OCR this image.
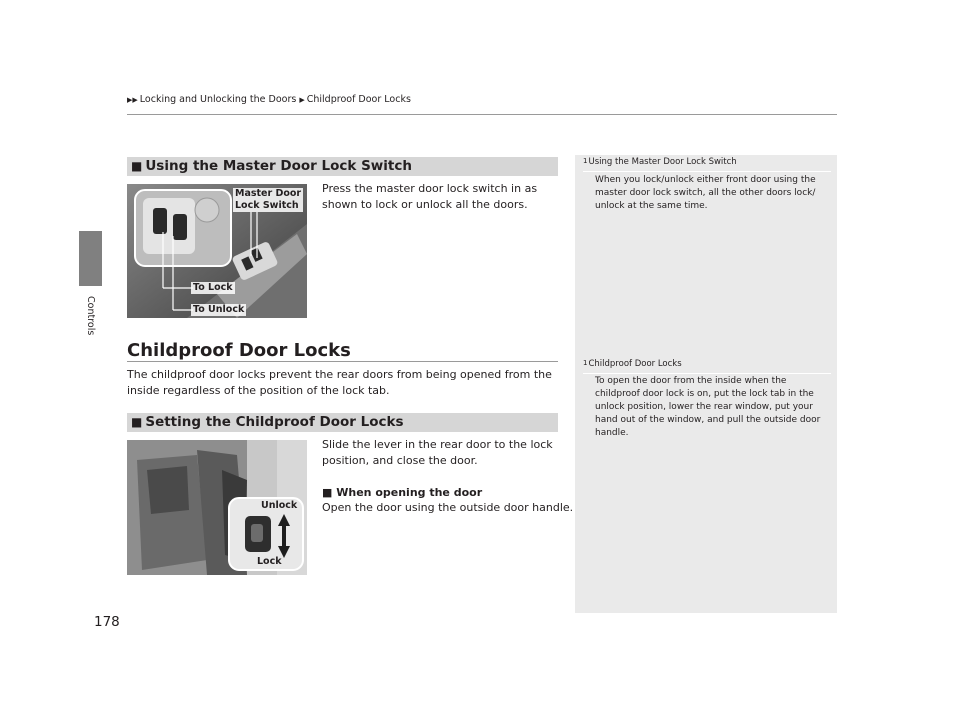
▶▶ Locking and Unlocking the Doors ▶ Childproof Door Locks
Controls
178
■ Using the Master Door Lock Switch
Master Door
Lock Switch
To Lock
To Unlock
Press the master door lock switch in as shown to lock or unlock all the doors.
Childproof Door Locks
The childproof door locks prevent the rear doors from being opened from the inside regardless of the position of the lock tab.
■ Setting the Childproof Door Locks
Unlock
Lock
Slide the lever in the rear door to the lock position, and close the door.
■ When opening the door
Open the door using the outside door handle.
$^1$Using the Master Door Lock Switch
When you lock/unlock either front door using the master door lock switch, all the other doors lock/ unlock at the same time.
$^1$Childproof Door Locks
To open the door from the inside when the childproof door lock is on, put the lock tab in the unlock position, lower the rear window, put your hand out of the window, and pull the outside door handle.
